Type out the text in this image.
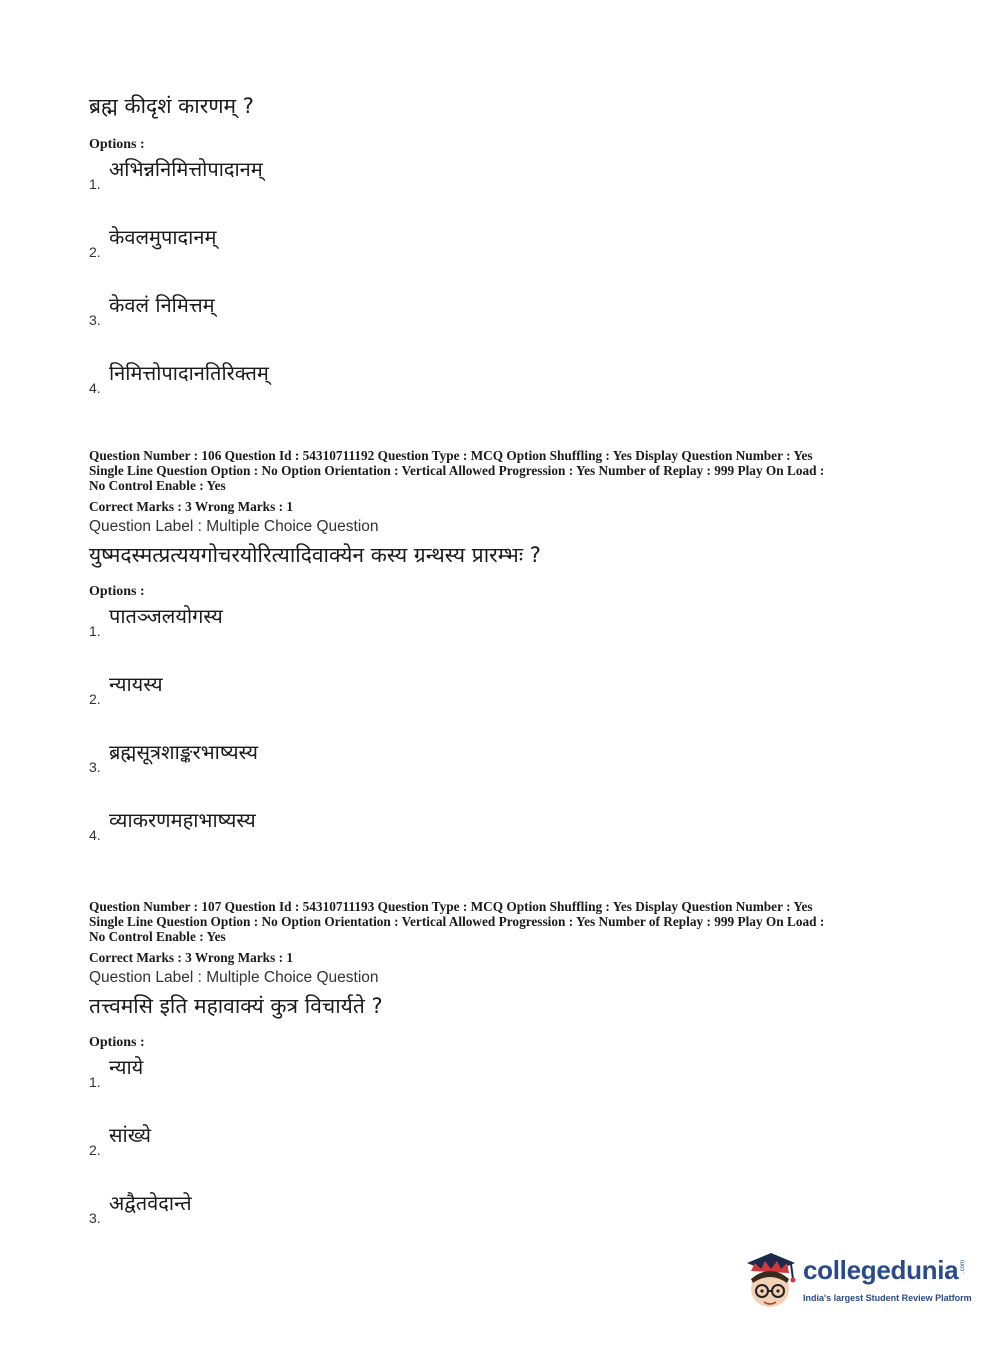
ब्रह्म कीदृशं कारणम् ?
Options :
अभिन्ननिमित्तोपादानम्
1.
केवलमुपादानम्
2.
केवलं निमित्तम्
3.
निमित्तोपादानतिरिक्तम्
4.
Question Number : 106 Question Id : 54310711192 Question Type : MCQ Option Shuffling : Yes Display Question Number : Yes
Single Line Question Option : No Option Orientation : Vertical Allowed Progression : Yes Number of Replay : 999 Play On Load :
No Control Enable : Yes
Correct Marks : 3 Wrong Marks : 1
Question Label : Multiple Choice Question
युष्मदस्मत्प्रत्ययगोचरयोरित्यादिवाक्येन कस्य ग्रन्थस्य प्रारम्भः ?
Options :
पातञ्जलयोगस्य
1.
न्यायस्य
2.
ब्रह्मसूत्रशाङ्करभाष्यस्य
3.
व्याकरणमहाभाष्यस्य
4.
Question Number : 107 Question Id : 54310711193 Question Type : MCQ Option Shuffling : Yes Display Question Number : Yes
Single Line Question Option : No Option Orientation : Vertical Allowed Progression : Yes Number of Replay : 999 Play On Load :
No Control Enable : Yes
Correct Marks : 3 Wrong Marks : 1
Question Label : Multiple Choice Question
तत्त्वमसि इति महावाक्यं कुत्र विचार्यते ?
Options :
न्याये
1.
सांख्ये
2.
अद्वैतवेदान्ते
3.
collegedunia .com
India's largest Student Review Platform
